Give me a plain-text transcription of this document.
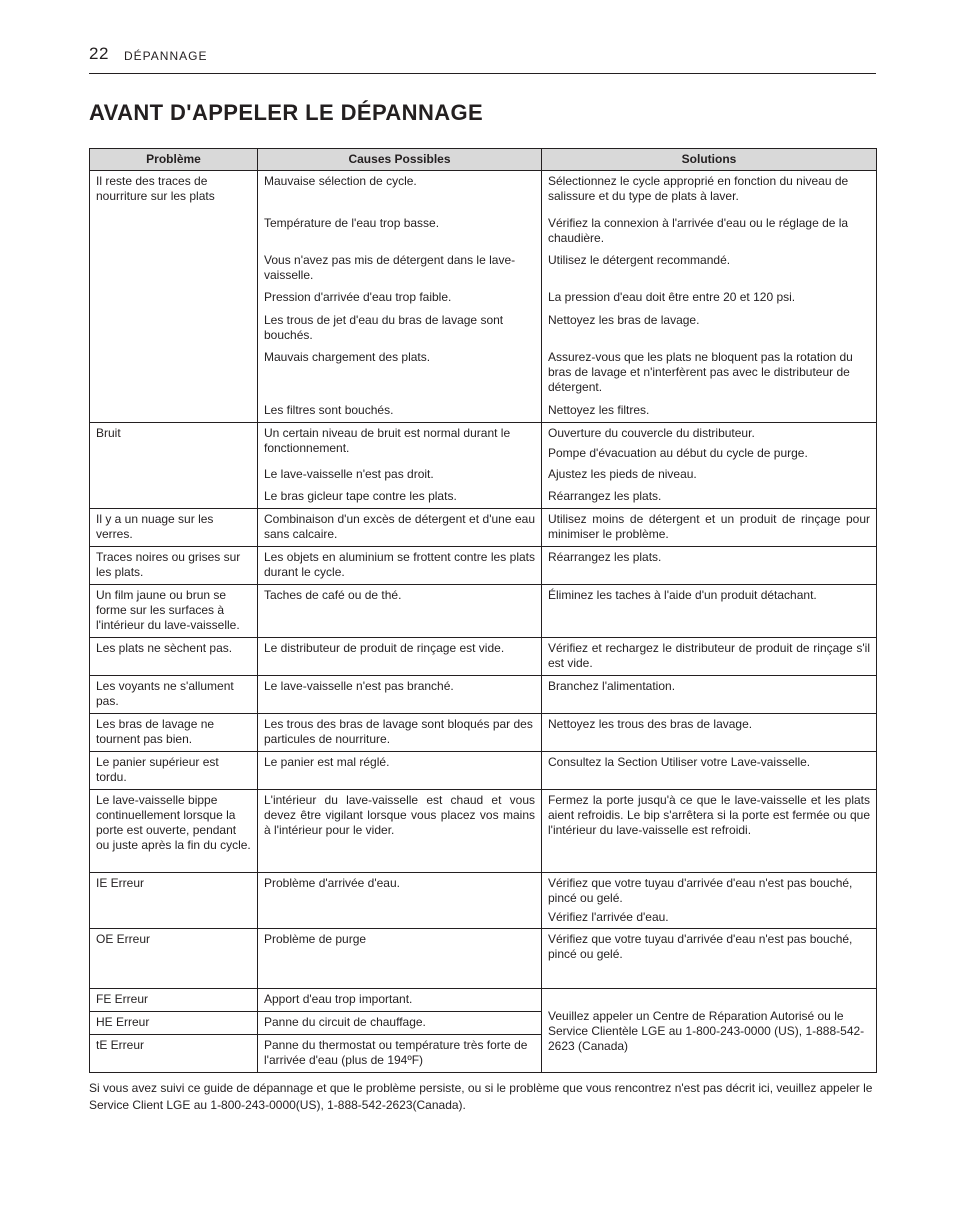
22 DÉPANNAGE
AVANT D'APPELER LE DÉPANNAGE
Problème	Causes Possibles	Solutions
Il reste des traces de nourriture sur les plats	Mauvaise sélection de cycle.	Sélectionnez le cycle approprié en fonction du niveau de salissure et du type de plats à laver.
	Température de l'eau trop basse.	Vérifiez la connexion à l'arrivée d'eau ou le réglage de la chaudière.
	Vous n'avez pas mis de détergent dans le lave-vaisselle.	Utilisez le détergent recommandé.
	Pression d'arrivée d'eau trop faible.	La pression d'eau doit être entre 20 et 120 psi.
	Les trous de jet d'eau du bras de lavage sont bouchés.	Nettoyez les bras de lavage.
	Mauvais chargement des plats.	Assurez-vous que les plats ne bloquent pas la rotation du bras de lavage et n'interfèrent pas avec le distributeur de détergent.
	Les filtres sont bouchés.	Nettoyez les filtres.
Bruit	Un certain niveau de bruit est normal durant le fonctionnement.	Ouverture du couvercle du distributeur.
Pompe d'évacuation au début du cycle de purge.

	Le lave-vaisselle n'est pas droit.	Ajustez les pieds de niveau.
	Le bras gicleur tape contre les plats.	Réarrangez les plats.
Il y a un nuage sur les verres.	Combinaison d'un excès de détergent et d'une eau sans calcaire.	Utilisez moins de détergent et un produit de rinçage pour minimiser le problème.
Traces noires ou grises sur les plats.	Les objets en aluminium se frottent contre les plats durant le cycle.	Réarrangez les plats.
Un film jaune ou brun se forme sur les surfaces à l'intérieur du lave-vaisselle.	Taches de café ou de thé.	Éliminez les taches à l'aide d'un produit détachant.
Les plats ne sèchent pas.	Le distributeur de produit de rinçage est vide.	Vérifiez et rechargez le distributeur de produit de rinçage s'il est vide.
Les voyants ne s'allument pas.	Le lave-vaisselle n'est pas branché.	Branchez l'alimentation.
Les bras de lavage ne tournent pas bien.	Les trous des bras de lavage sont bloqués par des particules de nourriture.	Nettoyez les trous des bras de lavage.
Le panier supérieur est tordu.	Le panier est mal réglé.	Consultez la Section Utiliser votre Lave-vaisselle.
Le lave-vaisselle bippe continuellement lorsque la porte est ouverte, pendant ou juste après la fin du cycle.	L'intérieur du lave-vaisselle est chaud et vous devez être vigilant lorsque vous placez vos mains à l'intérieur pour le vider.	Fermez la porte jusqu'à ce que le lave-vaisselle et les plats aient refroidis. Le bip s'arrêtera si la porte est fermée ou que l'intérieur du lave-vaisselle est refroidi.
IE Erreur	Problème d'arrivée d'eau.	Vérifiez que votre tuyau d'arrivée d'eau n'est pas bouché, pincé ou gelé.
Vérifiez l'arrivée d'eau.

OE Erreur	Problème de purge	Vérifiez que votre tuyau d'arrivée d'eau n'est pas bouché, pincé ou gelé.
FE Erreur	Apport d'eau trop important.	Veuillez appeler un Centre de Réparation Autorisé ou le Service Clientèle LGE au 1-800-243-0000 (US), 1-888-542-2623 (Canada)
HE Erreur	Panne du circuit de chauffage.	
tE Erreur	Panne du thermostat ou température très forte de l'arrivée d'eau (plus de 194ºF)	

Si vous avez suivi ce guide de dépannage et que le problème persiste, ou si le problème que vous rencontrez n'est pas décrit ici, veuillez appeler le Service Client LGE au 1-800-243-0000(US), 1-888-542-2623(Canada).
